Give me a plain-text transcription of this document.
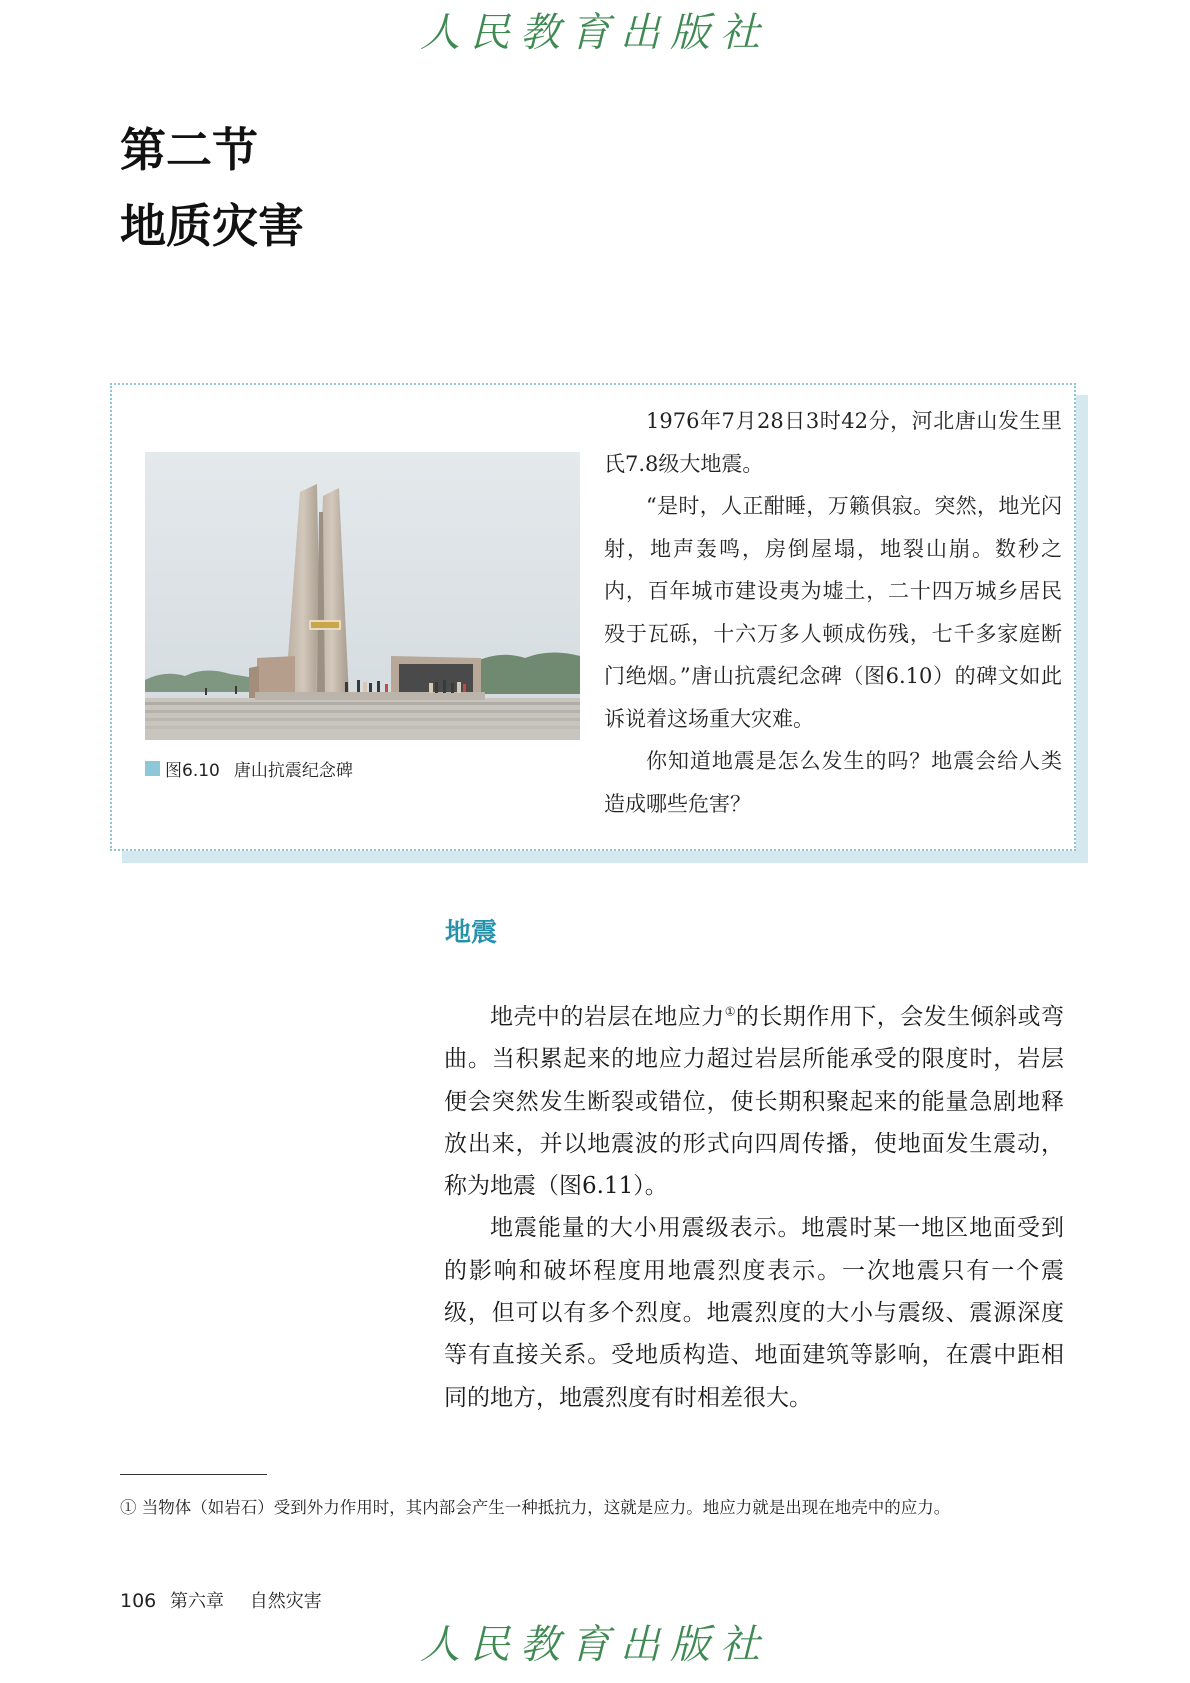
人民教育出版社
第二节
地质灾害
图6.10 唐山抗震纪念碑

1976年7月28日3时42分，河北唐山发生里氏7.8级大地震。

“是时，人正酣睡，万籁俱寂。突然，地光闪射，地声轰鸣，房倒屋塌，地裂山崩。数秒之内，百年城市建设夷为墟土，二十四万城乡居民殁于瓦砾，十六万多人顿成伤残，七千多家庭断门绝烟。”唐山抗震纪念碑（图6.10）的碑文如此诉说着这场重大灾难。

你知道地震是怎么发生的吗？地震会给人类造成哪些危害？

地震

地壳中的岩层在地应力①的长期作用下，会发生倾斜或弯曲。当积累起来的地应力超过岩层所能承受的限度时，岩层便会突然发生断裂或错位，使长期积聚起来的能量急剧地释放出来，并以地震波的形式向四周传播，使地面发生震动，称为地震（图6.11）。

地震能量的大小用震级表示。地震时某一地区地面受到的影响和破坏程度用地震烈度表示。一次地震只有一个震级，但可以有多个烈度。地震烈度的大小与震级、震源深度等有直接关系。受地质构造、地面建筑等影响，在震中距相同的地方，地震烈度有时相差很大。

① 当物体（如岩石）受到外力作用时，其内部会产生一种抵抗力，这就是应力。地应力就是出现在地壳中的应力。
106 第六章 自然灾害
人民教育出版社
